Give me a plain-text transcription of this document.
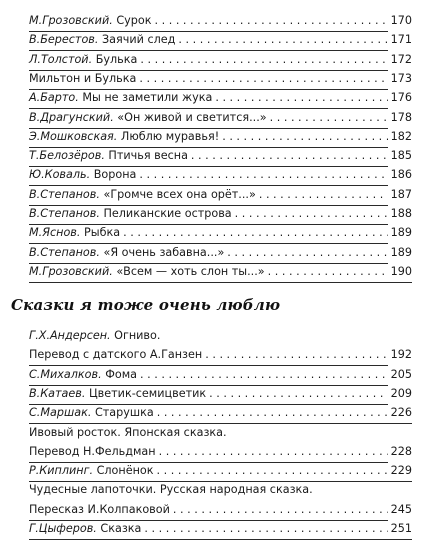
М.Грозовский. Сурок . . .	170
В.Берестов. Заячий след . . .	171
Л.Толстой. Булька . . .	172
Мильтон и Булька . . .	173
А.Барто. Мы не заметили жука . . .	176
В.Драгунский. «Он живой и светится...» . . .	178
Э.Мошковская. Люблю муравья! . . .	182
Т.Белозёров. Птичья весна . . .	185
Ю.Коваль. Ворона . . .	186
В.Степанов. «Громче всех она орёт...» . . .	187
В.Степанов. Пеликанские острова . . .	188
М.Яснов. Рыбка . . .	189
В.Степанов. «Я очень забавна...» . . .	189
М.Грозовский. «Всем — хоть слон ты...» . . .	190
Сказки я тоже очень люблю
Г.Х.Андерсен. Огниво.
Перевод с датского А.Ганзен . . .	192
С.Михалков. Фома . . .	205
В.Катаев. Цветик-семицветик . . .	209
С.Маршак. Старушка . . .	226
Ивовый росток. Японская сказка.
Перевод Н.Фельдман . . .	228
Р.Киплинг. Слонёнок . . .	229
Чудесные лапоточки. Русская народная сказка.
Пересказ И.Колпаковой . . .	245
Г.Цыферов. Сказка . . .	251
